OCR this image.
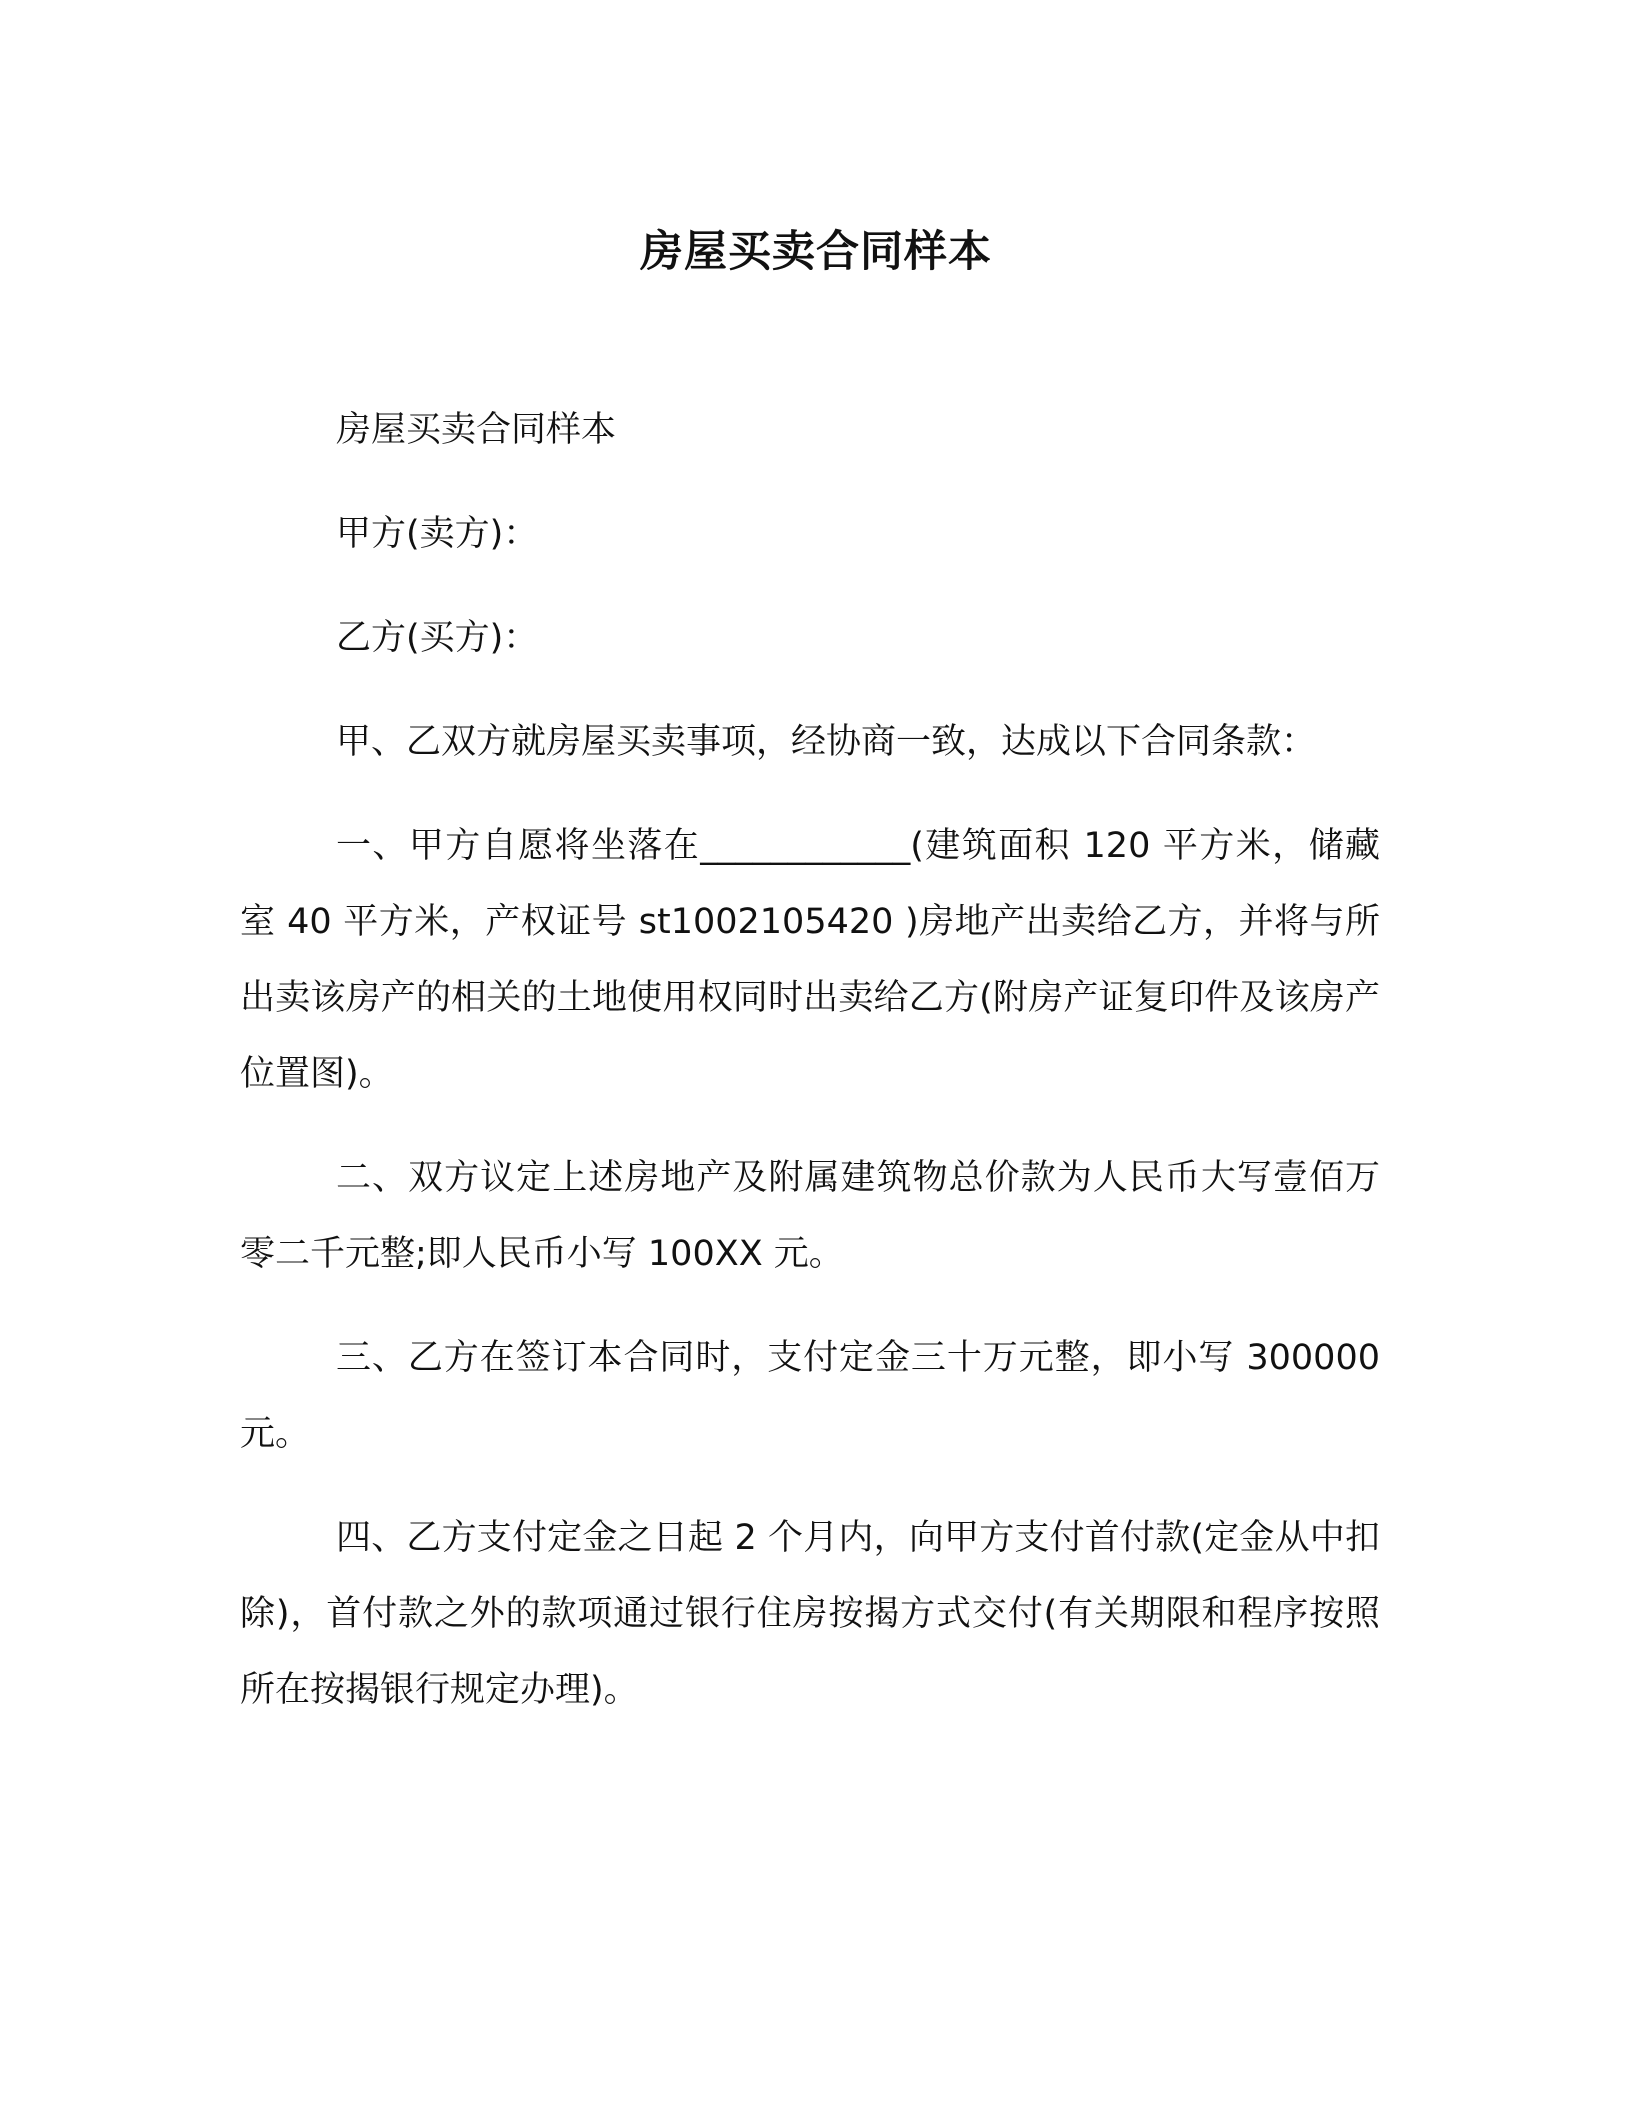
房屋买卖合同样本

房屋买卖合同样本

甲方(卖方)：

乙方(买方)：

甲、乙双方就房屋买卖事项，经协商一致，达成以下合同条款：

一、甲方自愿将坐落在____________(建筑面积 120 平方米，储藏室 40 平方米，产权证号 st1002105420 )房地产出卖给乙方，并将与所出卖该房产的相关的土地使用权同时出卖给乙方(附房产证复印件及该房产位置图)。

二、双方议定上述房地产及附属建筑物总价款为人民币大写壹佰万零二千元整;即人民币小写 100XX 元。

三、乙方在签订本合同时，支付定金三十万元整，即小写 300000 元。

四、乙方支付定金之日起 2 个月内，向甲方支付首付款(定金从中扣除)，首付款之外的款项通过银行住房按揭方式交付(有关期限和程序按照所在按揭银行规定办理)。
